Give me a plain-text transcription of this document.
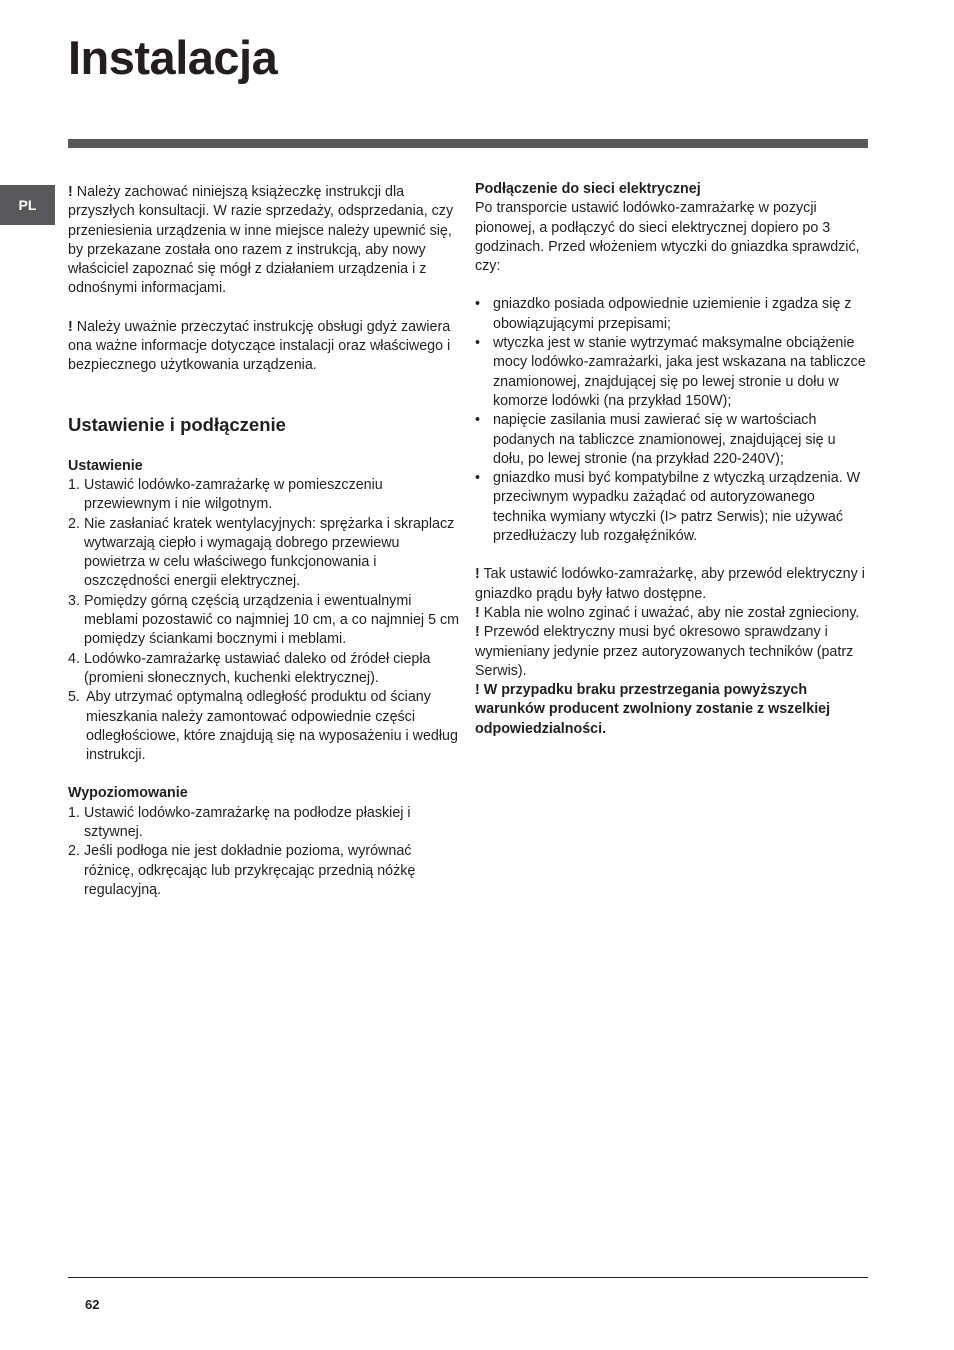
Instalacja
PL

! Należy zachować niniejszą książeczkę instrukcji dla przyszłych konsultacji. W razie sprzedaży, odsprzedania, czy przeniesienia urządzenia w inne miejsce należy upewnić się, by przekazane została ono razem z instrukcją, aby nowy właściciel zapoznać się mógł z działaniem urządzenia i z odnośnymi informacjami.

! Należy uważnie przeczytać instrukcję obsługi gdyż zawiera ona ważne informacje dotyczące instalacji oraz właściwego i bezpiecznego użytkowania urządzenia.

Ustawienie i podłączenie

Ustawienie

1. Ustawić lodówko-zamrażarkę w pomieszczeniu przewiewnym i nie wilgotnym.
2. Nie zasłaniać kratek wentylacyjnych: sprężarka i skraplacz wytwarzają ciepło i wymagają dobrego przewiewu powietrza w celu właściwego funkcjonowania i oszczędności energii elektrycznej.
3. Pomiędzy górną częścią urządzenia i ewentualnymi meblami pozostawić co najmniej 10 cm, a co najmniej 5 cm pomiędzy ściankami bocznymi i meblami.
4. Lodówko-zamrażarkę ustawiać daleko od źródeł ciepła (promieni słonecznych, kuchenki elektrycznej).
5. Aby utrzymać optymalną odległość produktu od ściany mieszkania należy zamontować odpowiednie części odległościowe, które znajdują się na wyposażeniu i według instrukcji.

Wypoziomowanie

1. Ustawić lodówko-zamrażarkę na podłodze płaskiej i sztywnej.
2. Jeśli podłoga nie jest dokładnie pozioma, wyrównać różnicę, odkręcając lub przykręcając przednią nóżkę regulacyjną.

Podłączenie do sieci elektrycznej

Po transporcie ustawić lodówko-zamrażarkę w pozycji pionowej, a podłączyć do sieci elektrycznej dopiero po 3 godzinach. Przed włożeniem wtyczki do gniazdka sprawdzić, czy:

• gniazdko posiada odpowiednie uziemienie i zgadza się z obowiązującymi przepisami;
• wtyczka jest w stanie wytrzymać maksymalne obciążenie mocy lodówko-zamrażarki, jaka jest wskazana na tabliczce znamionowej, znajdującej się po lewej stronie u dołu w komorze lodówki (na przykład 150W);
• napięcie zasilania musi zawierać się w wartościach podanych na tabliczce znamionowej, znajdującej się u dołu, po lewej stronie (na przykład 220-240V);
• gniazdko musi być kompatybilne z wtyczką urządzenia. W przeciwnym wypadku zażądać od autoryzowanego technika wymiany wtyczki (I> patrz Serwis); nie używać przedłużaczy lub rozgałęźników.

! Tak ustawić lodówko-zamrażarkę, aby przewód elektryczny i gniazdko prądu były łatwo dostępne.

! Kabla nie wolno zginać i uważać, aby nie został zgnieciony.

! Przewód elektryczny musi być okresowo sprawdzany i wymieniany jedynie przez autoryzowanych techników (patrz Serwis).

! W przypadku braku przestrzegania powyższych warunków producent zwolniony zostanie z wszelkiej odpowiedzialności.

62
